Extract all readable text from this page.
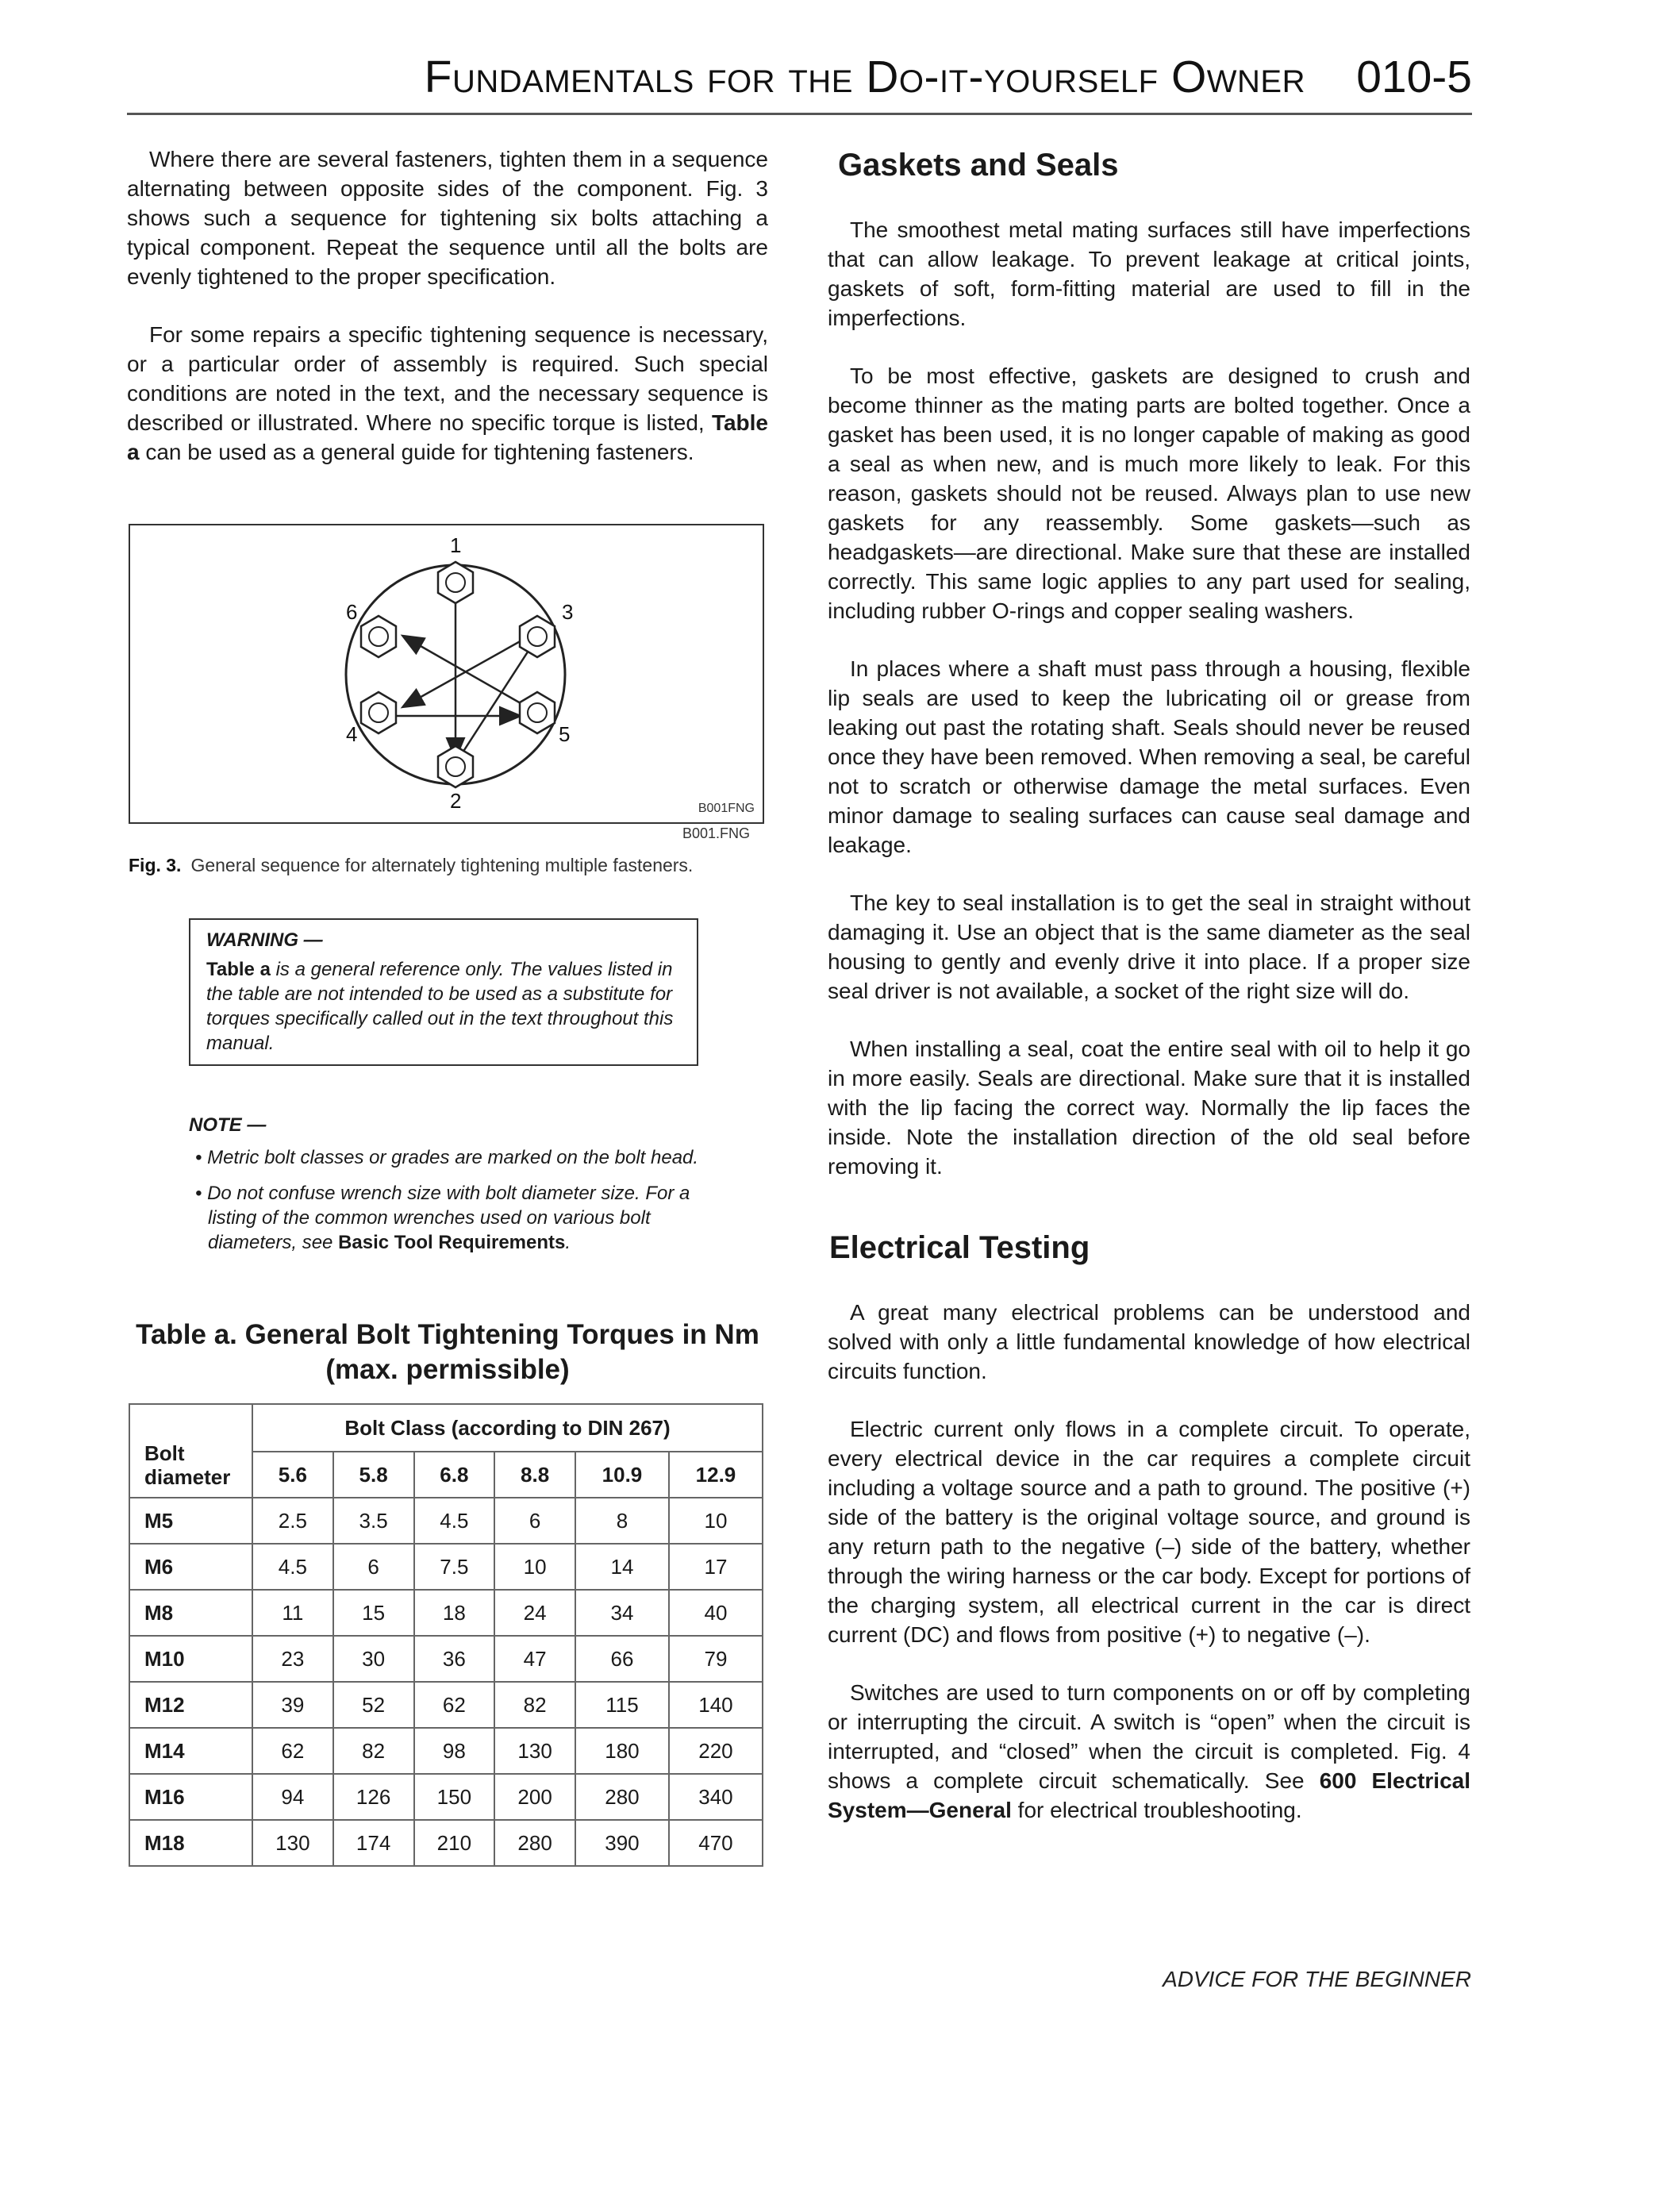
Fundamentals for the Do-it-yourself Owner 010-5

Where there are several fasteners, tighten them in a sequence alternating between opposite sides of the component. Fig. 3 shows such a sequence for tightening six bolts attaching a typical component. Repeat the sequence until all the bolts are evenly tightened to the proper specification.

For some repairs a specific tightening sequence is necessary, or a particular order of assembly is required. Such special conditions are noted in the text, and the necessary sequence is described or illustrated. Where no specific torque is listed, Table a can be used as a general guide for tightening fasteners.

1
2
3
4	5
6
B001FNG
B001.FNG
Fig. 3. General sequence for alternately tightening multiple fasteners.
WARNING —
Table a is a general reference only. The values listed in the table are not intended to be used as a substitute for torques specifically called out in the text throughout this manual.
NOTE —
• Metric bolt classes or grades are marked on the bolt head.
• Do not confuse wrench size with bolt diameter size. For a listing of the common wrenches used on various bolt diameters, see Basic Tool Requirements.
Table a. General Bolt Tightening Torques in Nm
(max. permissible)
Bolt diameter	Bolt Class (according to DIN 267)					
	5.6	5.8	6.8	8.8	10.9	12.9
M5	2.5	3.5	4.5	6	8	10
M6	4.5	6	7.5	10	14	17
M8	11	15	18	24	34	40
M10	23	30	36	47	66	79
M12	39	52	62	82	115	140
M14	62	82	98	130	180	220
M16	94	126	150	200	280	340
M18	130	174	210	280	390	470
Gaskets and Seals

The smoothest metal mating surfaces still have imperfections that can allow leakage. To prevent leakage at critical joints, gaskets of soft, form-fitting material are used to fill in the imperfections.

To be most effective, gaskets are designed to crush and become thinner as the mating parts are bolted together. Once a gasket has been used, it is no longer capable of making as good a seal as when new, and is much more likely to leak. For this reason, gaskets should not be reused. Always plan to use new gaskets for any reassembly. Some gaskets—such as headgaskets—are directional. Make sure that these are installed correctly. This same logic applies to any part used for sealing, including rubber O-rings and copper sealing washers.

In places where a shaft must pass through a housing, flexible lip seals are used to keep the lubricating oil or grease from leaking out past the rotating shaft. Seals should never be reused once they have been removed. When removing a seal, be careful not to scratch or otherwise damage the metal surfaces. Even minor damage to sealing surfaces can cause seal damage and leakage.

The key to seal installation is to get the seal in straight without damaging it. Use an object that is the same diameter as the seal housing to gently and evenly drive it into place. If a proper size seal driver is not available, a socket of the right size will do.

When installing a seal, coat the entire seal with oil to help it go in more easily. Seals are directional. Make sure that it is installed with the lip facing the correct way. Normally the lip faces the inside. Note the installation direction of the old seal before removing it.

Electrical Testing

A great many electrical problems can be understood and solved with only a little fundamental knowledge of how electrical circuits function.

Electric current only flows in a complete circuit. To operate, every electrical device in the car requires a complete circuit including a voltage source and a path to ground. The positive (+) side of the battery is the original voltage source, and ground is any return path to the negative (–) side of the battery, whether through the wiring harness or the car body. Except for portions of the charging system, all electrical current in the car is direct current (DC) and flows from positive (+) to negative (–).

Switches are used to turn components on or off by completing or interrupting the circuit. A switch is “open” when the circuit is interrupted, and “closed” when the circuit is completed. Fig. 4 shows a complete circuit schematically. See 600 Electrical System—General for electrical troubleshooting.

ADVICE FOR THE BEGINNER
